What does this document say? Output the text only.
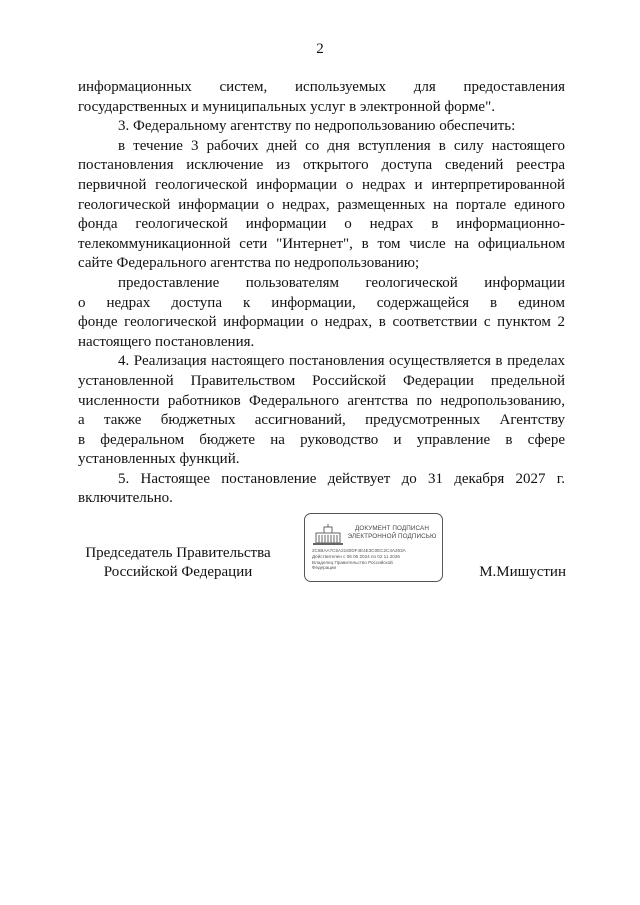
2
информационных систем, используемых для предоставления
государственных и муниципальных услуг в электронной форме".
3. Федеральному агентству по недропользованию обеспечить:
в течение 3 рабочих дней со дня вступления в силу настоящего
постановления исключение из открытого доступа сведений реестра
первичной геологической информации о недрах и интерпретированной
геологической информации о недрах, размещенных на портале единого
фонда геологической информации о недрах в информационно-
телекоммуникационной сети "Интернет", в том числе на официальном
сайте Федерального агентства по недропользованию;
предоставление пользователям геологической информации
о недрах доступа к информации, содержащейся в едином
фонде геологической информации о недрах, в соответствии с пунктом 2
настоящего постановления.
4. Реализация настоящего постановления осуществляется в пределах
установленной Правительством Российской Федерации предельной
численности работников Федерального агентства по недропользованию,
а также бюджетных ассигнований, предусмотренных Агентству
в федеральном бюджете на руководство и управление в сфере
установленных функций.
5. Настоящее постановление действует до 31 декабря 2027 г.
включительно.
Председатель Правительства
Российской Федерации
ДОКУМЕНТ ПОДПИСАН
ЭЛЕКТРОННОЙ ПОДПИСЬЮ
2C6BAA7C5A2160DF4E4E3C0EC2C4A263A
Действителен с 06 06 2024 по 02 11 2026
Владелец Правительство Российской
Федерации	М.Мишустин
